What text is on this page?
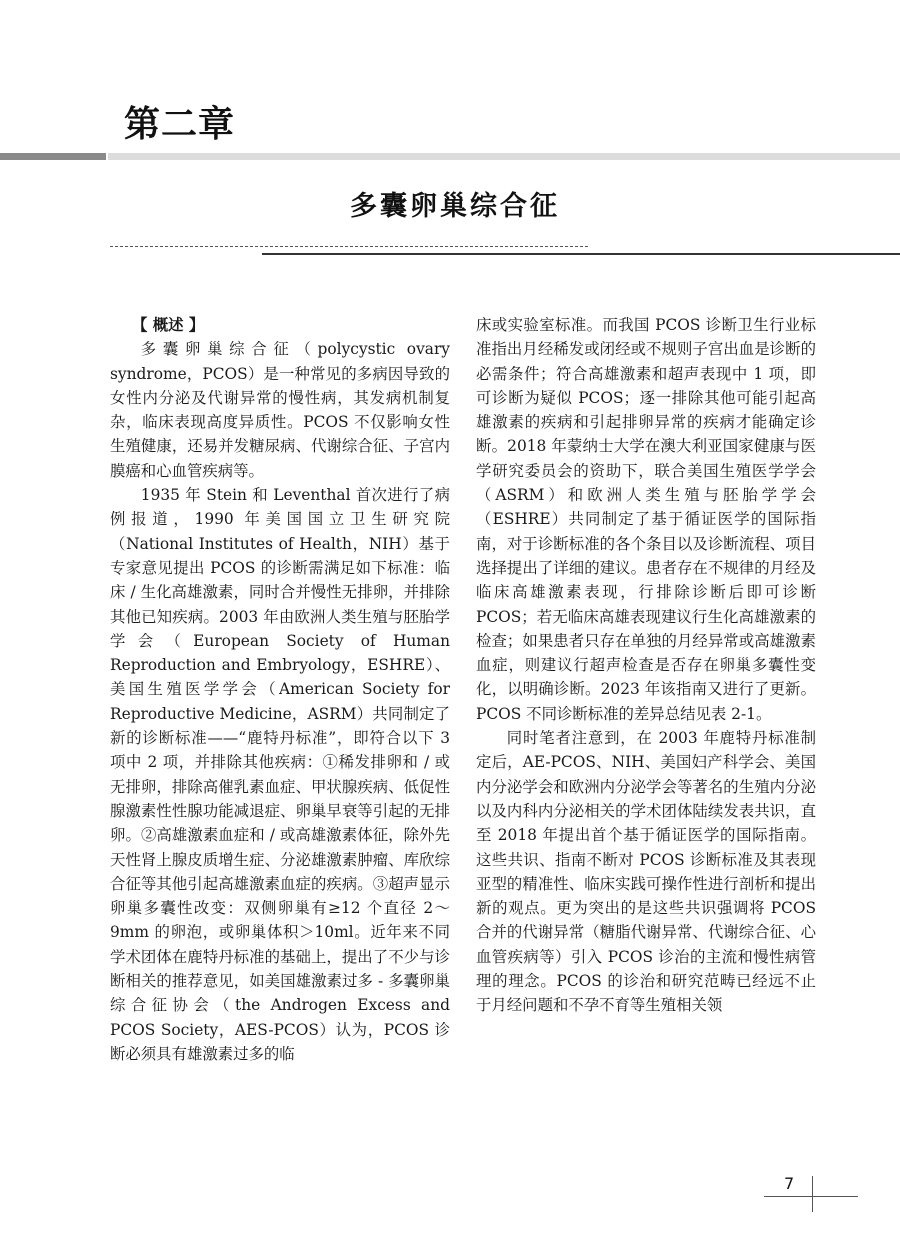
第二章
多囊卵巢综合征
【 概述 】

多囊卵巢综合征（polycystic ovary syndrome，PCOS）是一种常见的多病因导致的女性内分泌及代谢异常的慢性病，其发病机制复杂，临床表现高度异质性。PCOS 不仅影响女性生殖健康，还易并发糖尿病、代谢综合征、子宫内膜癌和心血管疾病等。

1935 年 Stein 和 Leventhal 首次进行了病例报道，1990 年美国国立卫生研究院（National Institutes of Health，NIH）基于专家意见提出 PCOS 的诊断需满足如下标准：临床 / 生化高雄激素，同时合并慢性无排卵，并排除其他已知疾病。2003 年由欧洲人类生殖与胚胎学学会（European Society of Human Reproduction and Embryology，ESHRE）、美国生殖医学学会（American Society for Reproductive Medicine，ASRM）共同制定了新的诊断标准——“鹿特丹标准”，即符合以下 3 项中 2 项，并排除其他疾病：①稀发排卵和 / 或无排卵，排除高催乳素血症、甲状腺疾病、低促性腺激素性性腺功能减退症、卵巢早衰等引起的无排卵。②高雄激素血症和 / 或高雄激素体征，除外先天性肾上腺皮质增生症、分泌雄激素肿瘤、库欣综合征等其他引起高雄激素血症的疾病。③超声显示卵巢多囊性改变：双侧卵巢有≥12 个直径 2～9mm 的卵泡，或卵巢体积＞10ml。近年来不同学术团体在鹿特丹标准的基础上，提出了不少与诊断相关的推荐意见，如美国雄激素过多 - 多囊卵巢综合征协会（the Androgen Excess and PCOS Society，AES-PCOS）认为，PCOS 诊断必须具有雄激素过多的临

床或实验室标准。而我国 PCOS 诊断卫生行业标准指出月经稀发或闭经或不规则子宫出血是诊断的必需条件；符合高雄激素和超声表现中 1 项，即可诊断为疑似 PCOS；逐一排除其他可能引起高雄激素的疾病和引起排卵异常的疾病才能确定诊断。2018 年蒙纳士大学在澳大利亚国家健康与医学研究委员会的资助下，联合美国生殖医学学会（ASRM）和欧洲人类生殖与胚胎学学会（ESHRE）共同制定了基于循证医学的国际指南，对于诊断标准的各个条目以及诊断流程、项目选择提出了详细的建议。患者存在不规律的月经及临床高雄激素表现，行排除诊断后即可诊断 PCOS；若无临床高雄表现建议行生化高雄激素的检查；如果患者只存在单独的月经异常或高雄激素血症，则建议行超声检查是否存在卵巢多囊性变化，以明确诊断。2023 年该指南又进行了更新。PCOS 不同诊断标准的差异总结见表 2-1。

同时笔者注意到，在 2003 年鹿特丹标准制定后，AE-PCOS、NIH、美国妇产科学会、美国内分泌学会和欧洲内分泌学会等著名的生殖内分泌以及内科内分泌相关的学术团体陆续发表共识，直至 2018 年提出首个基于循证医学的国际指南。这些共识、指南不断对 PCOS 诊断标准及其表现亚型的精准性、临床实践可操作性进行剖析和提出新的观点。更为突出的是这些共识强调将 PCOS 合并的代谢异常（糖脂代谢异常、代谢综合征、心血管疾病等）引入 PCOS 诊治的主流和慢性病管理的理念。PCOS 的诊治和研究范畴已经远不止于月经问题和不孕不育等生殖相关领

7
